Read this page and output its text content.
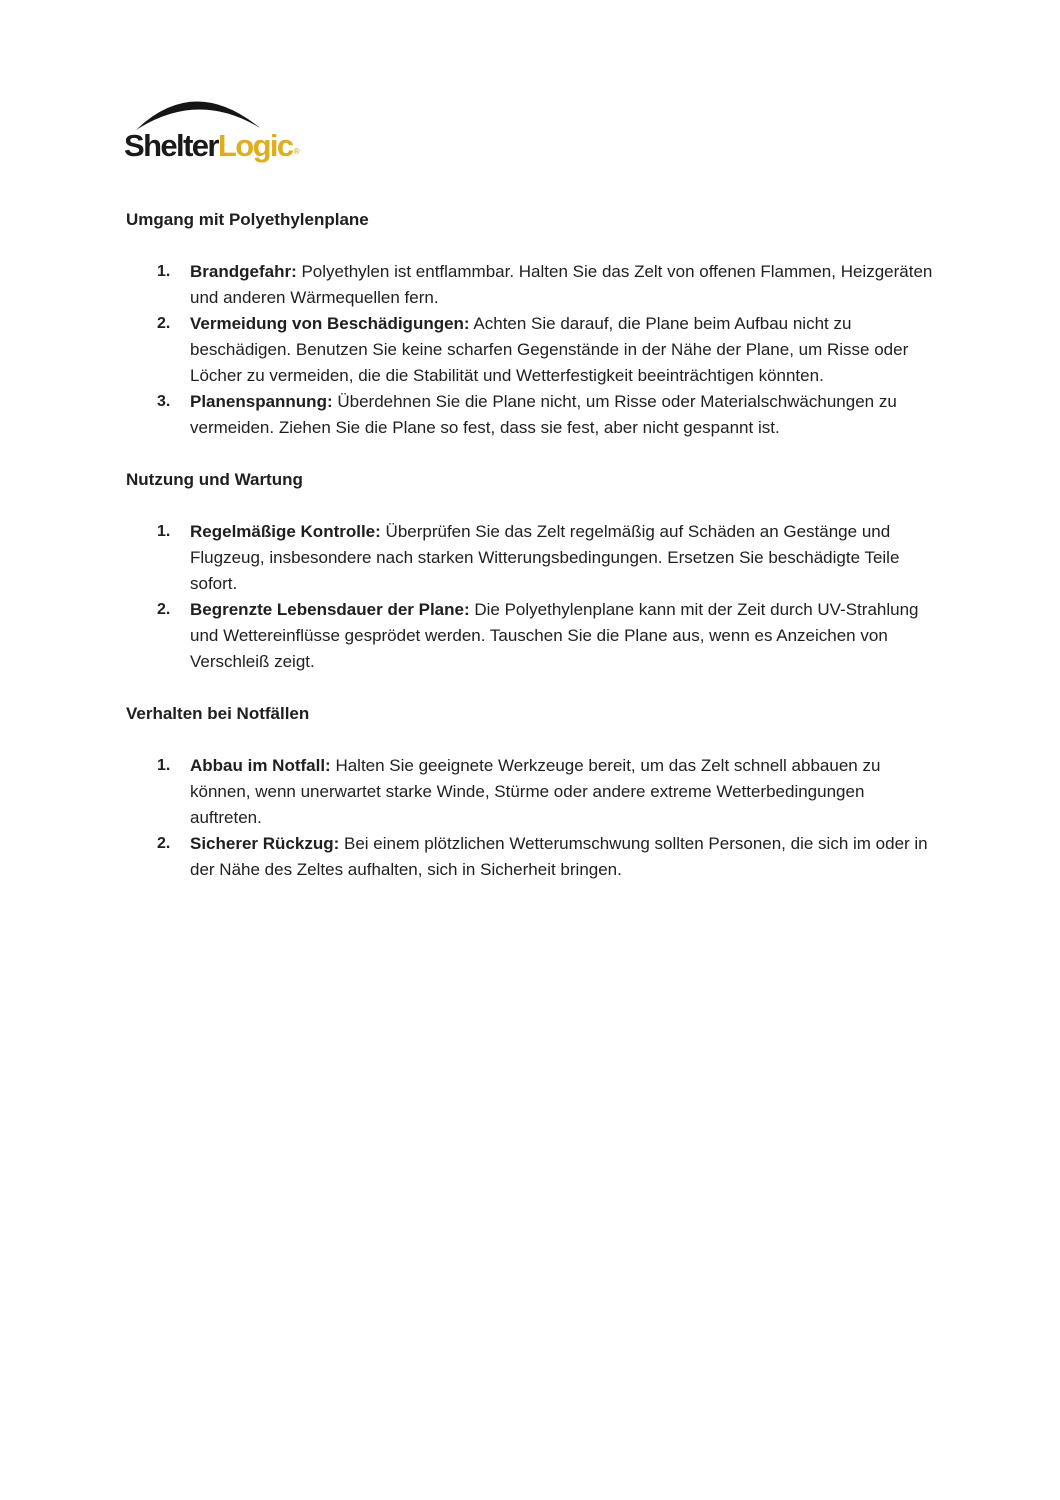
ShelterLogic®
Umgang mit Polyethylenplane
1. Brandgefahr: Polyethylen ist entflammbar. Halten Sie das Zelt von offenen Flammen, Heizgeräten und anderen Wärmequellen fern.
2. Vermeidung von Beschädigungen: Achten Sie darauf, die Plane beim Aufbau nicht zu beschädigen. Benutzen Sie keine scharfen Gegenstände in der Nähe der Plane, um Risse oder Löcher zu vermeiden, die die Stabilität und Wetterfestigkeit beeinträchtigen könnten.
3. Planenspannung: Überdehnen Sie die Plane nicht, um Risse oder Materialschwächungen zu vermeiden. Ziehen Sie die Plane so fest, dass sie fest, aber nicht gespannt ist.
Nutzung und Wartung
1. Regelmäßige Kontrolle: Überprüfen Sie das Zelt regelmäßig auf Schäden an Gestänge und Flugzeug, insbesondere nach starken Witterungsbedingungen. Ersetzen Sie beschädigte Teile sofort.
2. Begrenzte Lebensdauer der Plane: Die Polyethylenplane kann mit der Zeit durch UV-Strahlung und Wettereinflüsse gesprödet werden. Tauschen Sie die Plane aus, wenn es Anzeichen von Verschleiß zeigt.
Verhalten bei Notfällen
1. Abbau im Notfall: Halten Sie geeignete Werkzeuge bereit, um das Zelt schnell abbauen zu können, wenn unerwartet starke Winde, Stürme oder andere extreme Wetterbedingungen auftreten.
2. Sicherer Rückzug: Bei einem plötzlichen Wetterumschwung sollten Personen, die sich im oder in der Nähe des Zeltes aufhalten, sich in Sicherheit bringen.
